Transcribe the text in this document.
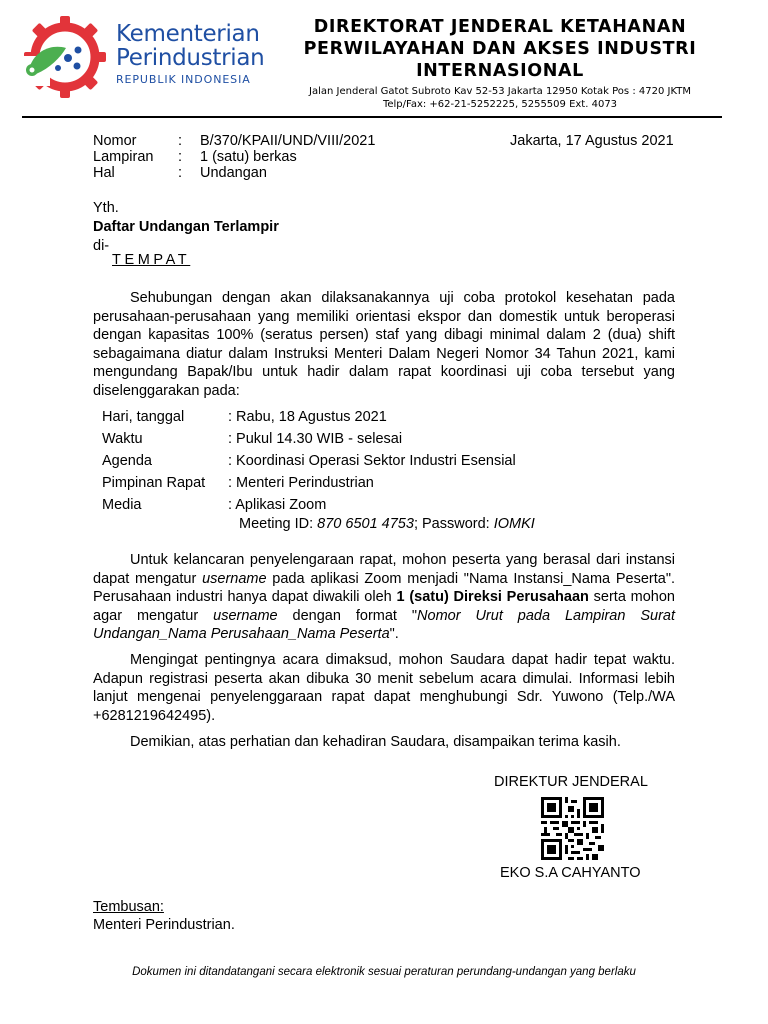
Kementerian
Perindustrian
REPUBLIK INDONESIA
DIREKTORAT JENDERAL KETAHANAN
PERWILAYAHAN DAN AKSES INDUSTRI
INTERNASIONAL
Jalan Jenderal Gatot Subroto Kav 52-53 Jakarta 12950 Kotak Pos : 4720 JKTM
Telp/Fax: +62-21-5252225, 5255509 Ext. 4073
Nomor	:	B/370/KPAII/UND/VIII/2021
Lampiran	:	1 (satu) berkas
Hal	:	Undangan
Jakarta, 17 Agustus 2021
Yth.
Daftar Undangan Terlampir
di-
TEMPAT
Sehubungan dengan akan dilaksanakannya uji coba protokol kesehatan pada perusahaan-perusahaan yang memiliki orientasi ekspor dan domestik untuk beroperasi dengan kapasitas 100% (seratus persen) staf yang dibagi minimal dalam 2 (dua) shift sebagaimana diatur dalam Instruksi Menteri Dalam Negeri Nomor 34 Tahun 2021, kami mengundang Bapak/Ibu untuk hadir dalam rapat koordinasi uji coba tersebut yang diselenggarakan pada:
Hari, tanggal	: Rabu, 18 Agustus 2021
Waktu	: Pukul 14.30 WIB - selesai
Agenda	: Koordinasi Operasi Sektor Industri Esensial
Pimpinan Rapat	: Menteri Perindustrian
Media	: Aplikasi Zoom
Meeting ID: 870 6501 4753; Password: IOMKI
Untuk kelancaran penyelengaraan rapat, mohon peserta yang berasal dari instansi dapat mengatur username pada aplikasi Zoom menjadi "Nama Instansi_Nama Peserta". Perusahaan industri hanya dapat diwakili oleh 1 (satu) Direksi Perusahaan serta mohon agar mengatur username dengan format "Nomor Urut pada Lampiran Surat Undangan_Nama Perusahaan_Nama Peserta".
Mengingat pentingnya acara dimaksud, mohon Saudara dapat hadir tepat waktu. Adapun registrasi peserta akan dibuka 30 menit sebelum acara dimulai. Informasi lebih lanjut mengenai penyelenggaraan rapat dapat menghubungi Sdr. Yuwono (Telp./WA +6281219642495).
Demikian, atas perhatian dan kehadiran Saudara, disampaikan terima kasih.
DIREKTUR JENDERAL
EKO S.A CAHYANTO
Tembusan:
Menteri Perindustrian.
Dokumen ini ditandatangani secara elektronik sesuai peraturan perundang-undangan yang berlaku
